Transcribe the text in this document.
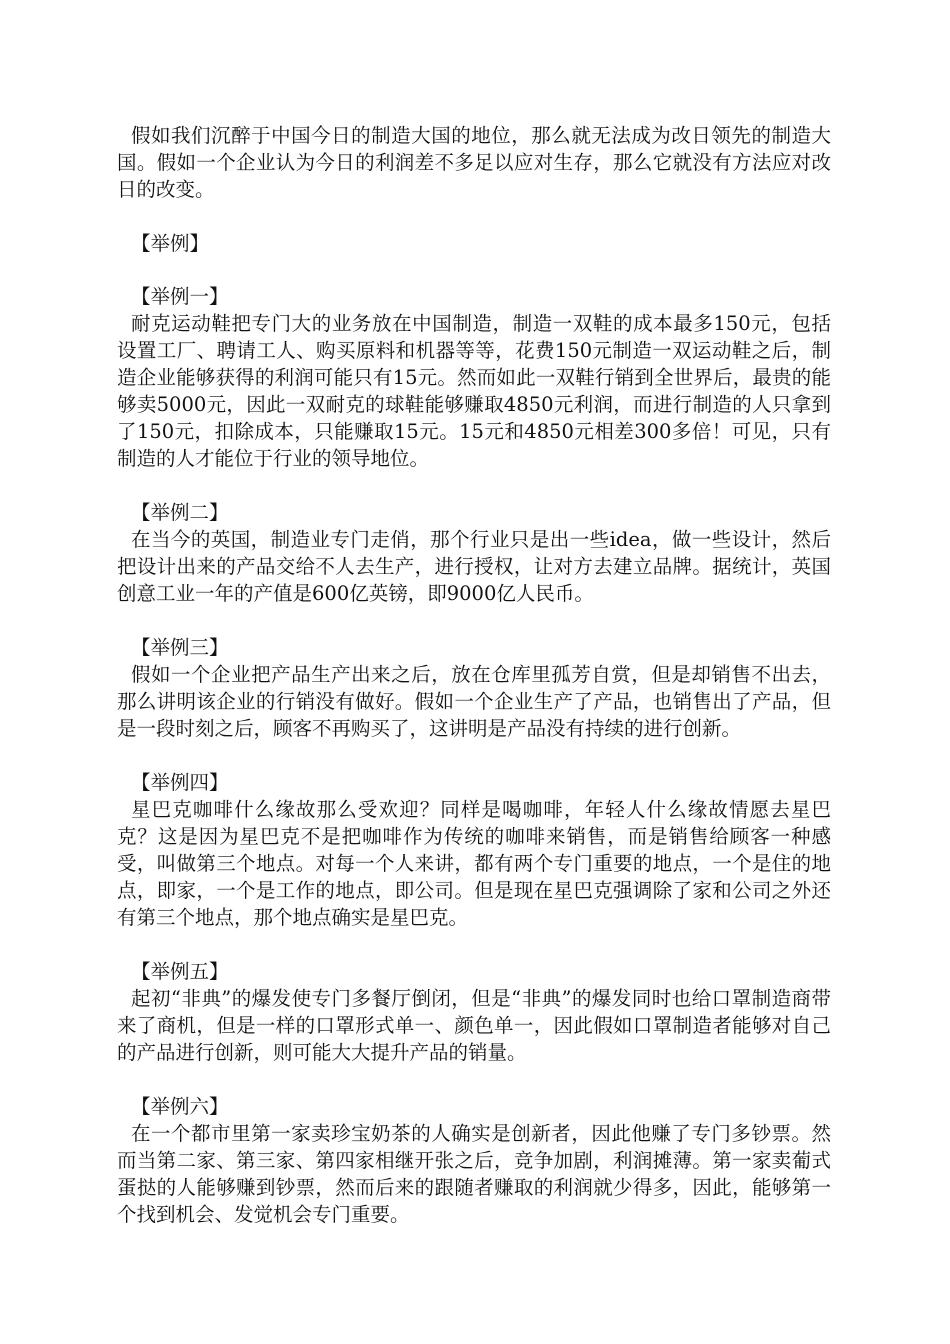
假如我们沉醉于中国今日的制造大国的地位，那么就无法成为改日领先的制造大国。假如一个企业认为今日的利润差不多足以应对生存，那么它就没有方法应对改日的改变。

【举例】

【举例一】

耐克运动鞋把专门大的业务放在中国制造，制造一双鞋的成本最多150元，包括设置工厂、聘请工人、购买原料和机器等等，花费150元制造一双运动鞋之后，制造企业能够获得的利润可能只有15元。然而如此一双鞋行销到全世界后，最贵的能够卖5000元，因此一双耐克的球鞋能够赚取4850元利润，而进行制造的人只拿到了150元，扣除成本，只能赚取15元。15元和4850元相差300多倍！可见，只有制造的人才能位于行业的领导地位。

【举例二】

在当今的英国，制造业专门走俏，那个行业只是出一些idea，做一些设计，然后把设计出来的产品交给不人去生产，进行授权，让对方去建立品牌。据统计，英国创意工业一年的产值是600亿英镑，即9000亿人民币。

【举例三】

假如一个企业把产品生产出来之后，放在仓库里孤芳自赏，但是却销售不出去，那么讲明该企业的行销没有做好。假如一个企业生产了产品，也销售出了产品，但是一段时刻之后，顾客不再购买了，这讲明是产品没有持续的进行创新。

【举例四】

星巴克咖啡什么缘故那么受欢迎？同样是喝咖啡，年轻人什么缘故情愿去星巴克？这是因为星巴克不是把咖啡作为传统的咖啡来销售，而是销售给顾客一种感受，叫做第三个地点。对每一个人来讲，都有两个专门重要的地点，一个是住的地点，即家，一个是工作的地点，即公司。但是现在星巴克强调除了家和公司之外还有第三个地点，那个地点确实是星巴克。

【举例五】

起初“非典”的爆发使专门多餐厅倒闭，但是“非典”的爆发同时也给口罩制造商带来了商机，但是一样的口罩形式单一、颜色单一，因此假如口罩制造者能够对自己的产品进行创新，则可能大大提升产品的销量。

【举例六】

在一个都市里第一家卖珍宝奶茶的人确实是创新者，因此他赚了专门多钞票。然而当第二家、第三家、第四家相继开张之后，竞争加剧，利润摊薄。第一家卖葡式蛋挞的人能够赚到钞票，然而后来的跟随者赚取的利润就少得多，因此，能够第一个找到机会、发觉机会专门重要。
